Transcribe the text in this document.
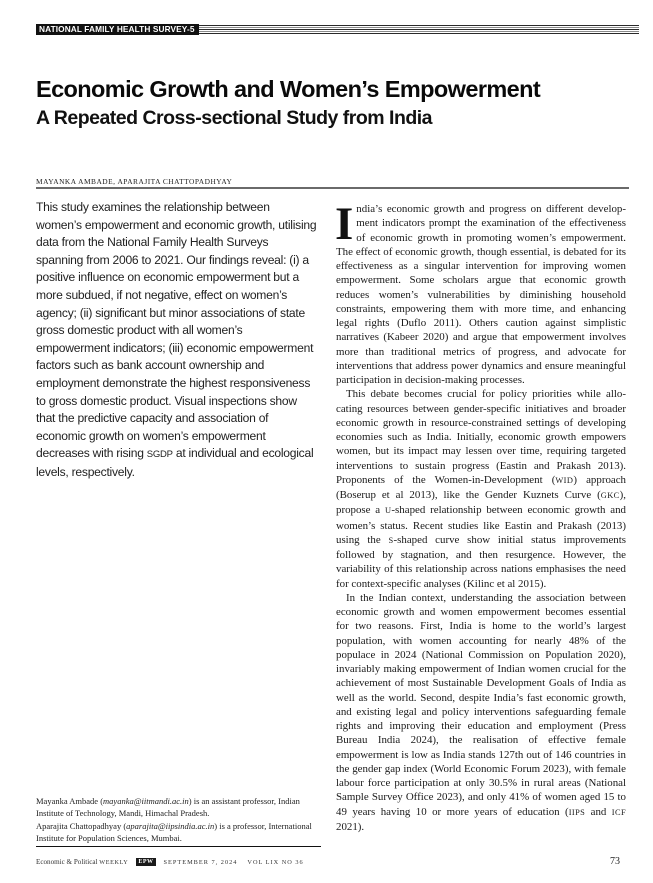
NATIONAL FAMILY HEALTH SURVEY-5
Economic Growth and Women’s Empowerment
A Repeated Cross-sectional Study from India
MAYANKA AMBADE, APARAJITA CHATTOPADHYAY
This study examines the relationship between women’s empowerment and economic growth, utilising data from the National Family Health Surveys spanning from 2006 to 2021. Our findings reveal: (i) a positive influence on economic empowerment but a more subdued, if not negative, effect on women’s agency; (ii) significant but minor associations of state gross domestic product with all women’s empowerment indicators; (iii) economic empowerment factors such as bank account ownership and employment demonstrate the highest responsiveness to gross domestic product. Visual inspections show that the predictive capacity and association of economic growth on women’s empowerment decreases with rising SGDP at individual and ecological levels, respectively.
Mayanka Ambade (mayanka@iitmandi.ac.in) is an assistant professor, Indian Institute of Technology, Mandi, Himachal Pradesh.
Aparajita Chattopadhyay (aparajita@iipsindia.ac.in) is a professor, International Institute for Population Sciences, Mumbai.
Economic & Political WEEKLY	EPW	SEPTEMBER 7, 2024 VOL LIX NO 36

India’s economic growth and progress on different development indicators prompt the examination of the effectiveness of economic growth in promoting women’s empowerment. The effect of economic growth, though essential, is debated for its effectiveness as a singular intervention for improving women empowerment. Some scholars argue that economic growth reduces women’s vulnerabilities by diminishing household constraints, empowering them with more time, and enhancing legal rights (Duflo 2011). Others caution against simplistic narratives (Kabeer 2020) and argue that empowerment involves more than traditional metrics of progress, and advocate for interventions that address power dynamics and ensure meaningful participation in decision-making processes.

This debate becomes crucial for policy priorities while allocating resources between gender-specific initiatives and broader economic growth in resource-constrained settings of developing economies such as India. Initially, economic growth empowers women, but its impact may lessen over time, requiring targeted interventions to sustain progress (Eastin and Prakash 2013). Proponents of the Women-in-Development (WID) approach (Boserup et al 2013), like the Gender Kuznets Curve (GKC), propose a U-shaped relationship between economic growth and women’s status. Recent studies like Eastin and Prakash (2013) using the S-shaped curve show initial status improvements followed by stagnation, and then resurgence. However, the variability of this relationship across nations emphasises the need for context-specific analyses (Kilinc et al 2015).

In the Indian context, understanding the association between economic growth and women empowerment becomes essential for two reasons. First, India is home to the world’s largest population, with women accounting for nearly 48% of the populace in 2024 (National Commission on Population 2020), invariably making empowerment of Indian women crucial for the achievement of most Sustainable Development Goals of India as well as the world. Second, despite India’s fast economic growth, and existing legal and policy interventions safeguarding female rights and improving their education and employment (Press Bureau India 2024), the realisation of effective female empowerment is low as India stands 127th out of 146 countries in the gender gap index (World Economic Forum 2023), with female labour force participation at only 30.5% in rural areas (National Sample Survey Office 2023), and only 41% of women aged 15 to 49 years having 10 or more years of education (IIPS and ICF 2021).

73
